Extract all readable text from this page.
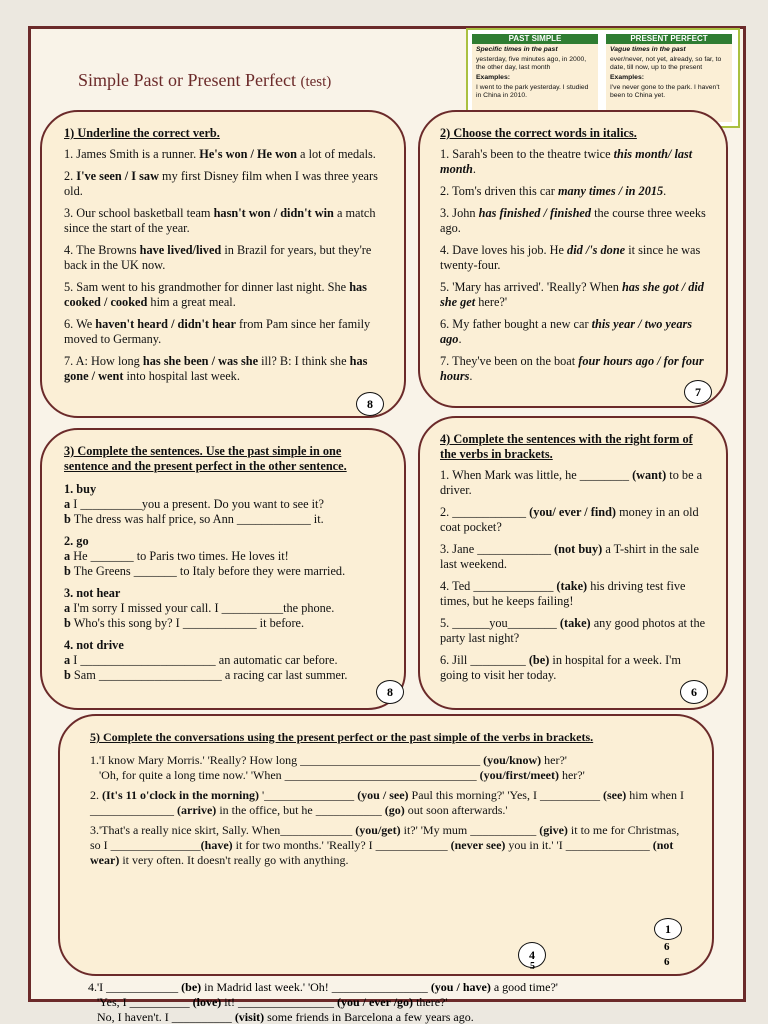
Simple Past or Present Perfect (test)
PAST SIMPLE
Specific times in the past
yesterday, five minutes ago, in 2000, the other day, last month
Examples:
I went to the park yesterday. I studied in China in 2010.
PRESENT PERFECT
Vague times in the past
ever/never, not yet, already, so far, to date, till now, up to the present
Examples:
I've never gone to the park. I haven't been to China yet.
1) Underline the correct verb.

1. James Smith is a runner. He's won / He won a lot of medals.

2. I've seen / I saw my first Disney film when I was three years old.

3. Our school basketball team hasn't won / didn't win a match since the start of the year.

4. The Browns have lived/lived in Brazil for years, but they're back in the UK now.

5. Sam went to his grandmother for dinner last night. She has cooked / cooked him a great meal.

6. We haven't heard / didn't hear from Pam since her family moved to Germany.

7. A: How long has she been / was she ill? B: I think she has gone / went into hospital last week.

8
2) Choose the correct words in italics.

1. Sarah's been to the theatre twice this month/ last month.

2. Tom's driven this car many times / in 2015.

3. John has finished / finished the course three weeks ago.

4. Dave loves his job. He did /'s done it since he was twenty-four.

5. 'Mary has arrived'. 'Really? When has she got / did she get here?'

6. My father bought a new car this year / two years ago.

7. They've been on the boat four hours ago / for four hours.

7
3) Complete the sentences. Use the past simple in one sentence and the present perfect in the other sentence.
1. buy
a I __________you a present. Do you want to see it?
b The dress was half price, so Ann ____________ it.
2. go
a He _______ to Paris two times. He loves it!
b The Greens _______ to Italy before they were married.
3. not hear
a I'm sorry I missed your call. I __________the phone.
b Who's this song by? I ____________ it before.
4. not drive
a I ______________________ an automatic car before.
b Sam ____________________ a racing car last summer.
8
4) Complete the sentences with the right form of the verbs in brackets.

1. When Mark was little, he ________ (want) to be a driver.

2. ____________ (you/ ever / find) money in an old coat pocket?

3. Jane ____________ (not buy) a T-shirt in the sale last weekend.

4. Ted _____________ (take) his driving test five times, but he keeps failing!

5. ______you________ (take) any good photos at the party last night?

6. Jill _________ (be) in hospital for a week. I'm going to visit her today.

6
5) Complete the conversations using the present perfect or the past simple of the verbs in brackets.

1.'I know Mary Morris.' 'Really? How long ______________________________ (you/know) her?'
'Oh, for quite a long time now.' 'When ________________________________ (you/first/meet) her?'

2. (It's 11 o'clock in the morning) '_______________ (you / see) Paul this morning?' 'Yes, I __________ (see) him when I ______________ (arrive) in the office, but he ___________ (go) out soon afterwards.'

3.'That's a really nice skirt, Sally. When____________ (you/get) it?' 'My mum ___________ (give) it to me for Christmas, so I _______________(have) it for two months.' 'Really? I ____________ (never see) you in it.' 'I ______________ (not wear) it very often. It doesn't really go with anything.

1
6
6
4
5
4.'I ____________ (be) in Madrid last week.' 'Oh! ________________ (you / have) a good time?'
'Yes, I __________ (love) it! ________________ (you / ever /go) there?'
No, I haven't. I __________ (visit) some friends in Barcelona a few years ago.
